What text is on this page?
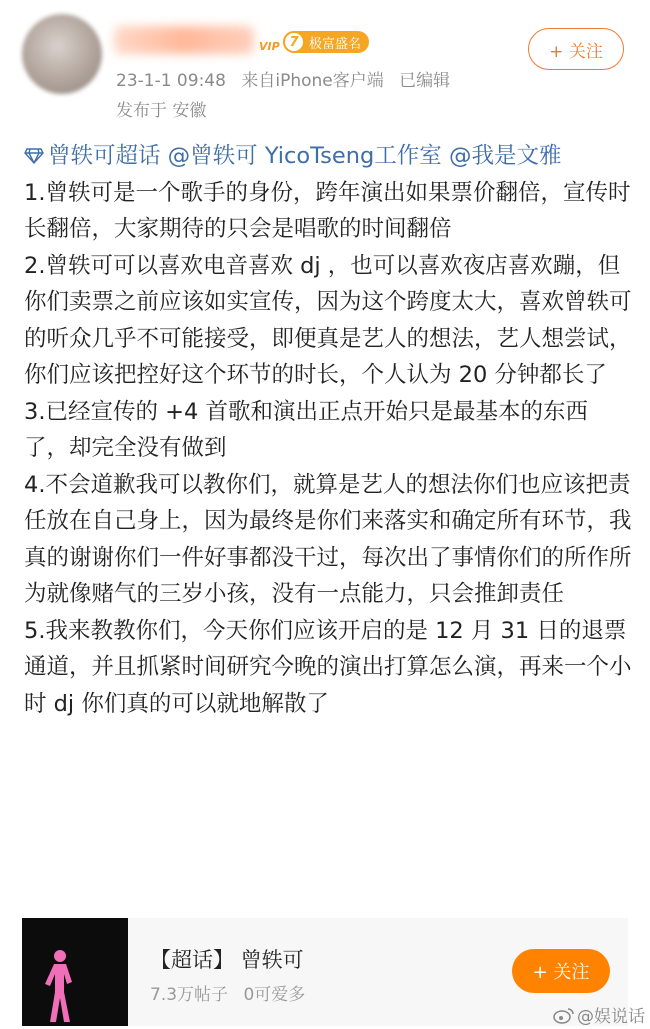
VIP 7 极富盛名
23-1-1 09:48 来自iPhone客户端 已编辑
发布于 安徽
+ 关注

曾轶可超话 @曾轶可 YicoTseng工作室 @我是文雅

1.曾轶可是一个歌手的身份，跨年演出如果票价翻倍，宣传时长翻倍，大家期待的只会是唱歌的时间翻倍

2.曾轶可可以喜欢电音喜欢 dj ，也可以喜欢夜店喜欢蹦，但你们卖票之前应该如实宣传，因为这个跨度太大，喜欢曾轶可的听众几乎不可能接受，即便真是艺人的想法，艺人想尝试，你们应该把控好这个环节的时长，个人认为 20 分钟都长了

3.已经宣传的 +4 首歌和演出正点开始只是最基本的东西了，却完全没有做到

4.不会道歉我可以教你们，就算是艺人的想法你们也应该把责任放在自己身上，因为最终是你们来落实和确定所有环节，我真的谢谢你们一件好事都没干过，每次出了事情你们的所作所为就像赌气的三岁小孩，没有一点能力，只会推卸责任

5.我来教教你们，今天你们应该开启的是 12 月 31 日的退票通道，并且抓紧时间研究今晚的演出打算怎么演，再来一个小时 dj 你们真的可以就地解散了

【超话】 曾轶可
7.3万帖子 0可爱多
+ 关注
@娱说话
